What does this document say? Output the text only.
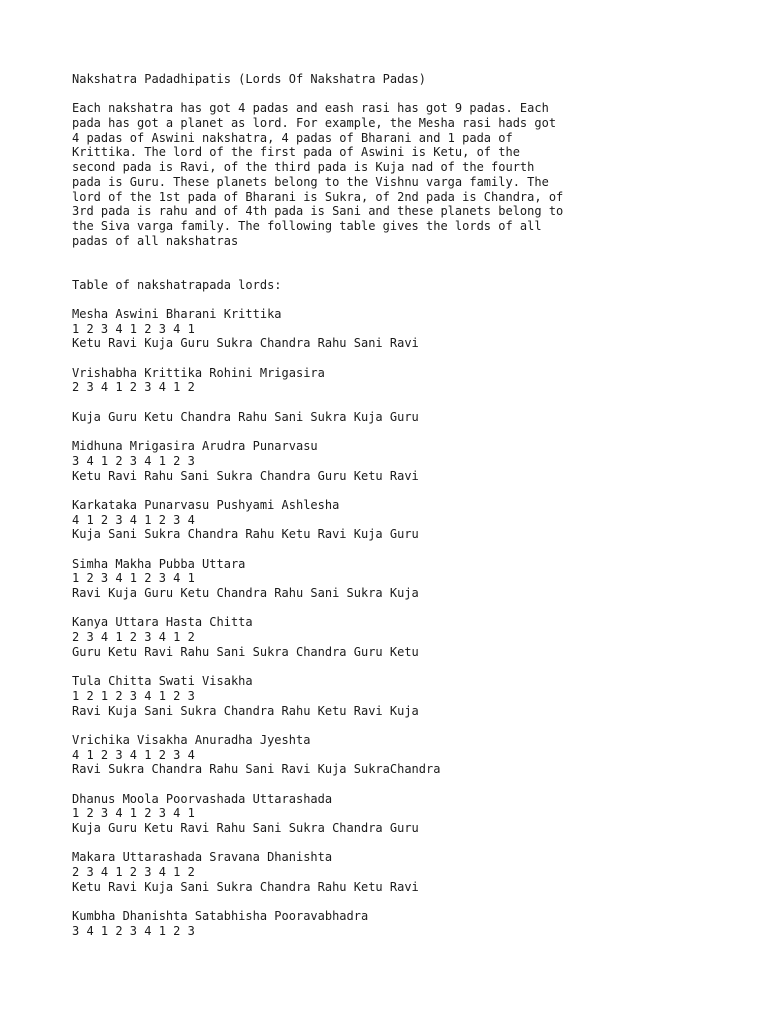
Nakshatra Padadhipatis (Lords Of Nakshatra Padas)
Each nakshatra has got 4 padas and eash rasi has got 9 padas. Each
pada has got a planet as lord. For example, the Mesha rasi hads got
4 padas of Aswini nakshatra, 4 padas of Bharani and 1 pada of
Krittika. The lord of the first pada of Aswini is Ketu, of the
second pada is Ravi, of the third pada is Kuja nad of the fourth
pada is Guru. These planets belong to the Vishnu varga family. The
lord of the 1st pada of Bharani is Sukra, of 2nd pada is Chandra, of
3rd pada is rahu and of 4th pada is Sani and these planets belong to
the Siva varga family. The following table gives the lords of all
padas of all nakshatras
Table of nakshatrapada lords:
Mesha Aswini Bharani Krittika
1 2 3 4 1 2 3 4 1
Ketu Ravi Kuja Guru Sukra Chandra Rahu Sani Ravi
Vrishabha Krittika Rohini Mrigasira
2 3 4 1 2 3 4 1 2
Kuja Guru Ketu Chandra Rahu Sani Sukra Kuja Guru
Midhuna Mrigasira Arudra Punarvasu
3 4 1 2 3 4 1 2 3
Ketu Ravi Rahu Sani Sukra Chandra Guru Ketu Ravi
Karkataka Punarvasu Pushyami Ashlesha
4 1 2 3 4 1 2 3 4
Kuja Sani Sukra Chandra Rahu Ketu Ravi Kuja Guru
Simha Makha Pubba Uttara
1 2 3 4 1 2 3 4 1
Ravi Kuja Guru Ketu Chandra Rahu Sani Sukra Kuja
Kanya Uttara Hasta Chitta
2 3 4 1 2 3 4 1 2
Guru Ketu Ravi Rahu Sani Sukra Chandra Guru Ketu
Tula Chitta Swati Visakha
1 2 1 2 3 4 1 2 3
Ravi Kuja Sani Sukra Chandra Rahu Ketu Ravi Kuja
Vrichika Visakha Anuradha Jyeshta
4 1 2 3 4 1 2 3 4
Ravi Sukra Chandra Rahu Sani Ravi Kuja SukraChandra
Dhanus Moola Poorvashada Uttarashada
1 2 3 4 1 2 3 4 1
Kuja Guru Ketu Ravi Rahu Sani Sukra Chandra Guru
Makara Uttarashada Sravana Dhanishta
2 3 4 1 2 3 4 1 2
Ketu Ravi Kuja Sani Sukra Chandra Rahu Ketu Ravi
Kumbha Dhanishta Satabhisha Pooravabhadra
3 4 1 2 3 4 1 2 3
